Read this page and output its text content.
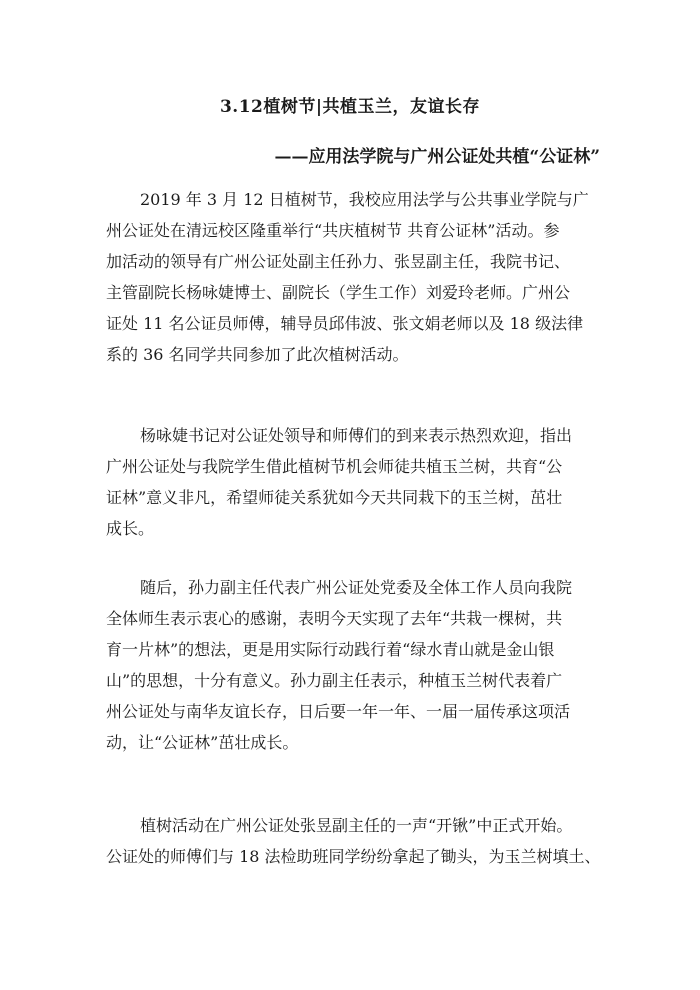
3.12植树节|共植玉兰，友谊长存
——应用法学院与广州公证处共植“公证林”

2019 年 3 月 12 日植树节，我校应用法学与公共事业学院与广
州公证处在清远校区隆重举行“共庆植树节 共育公证林”活动。参
加活动的领导有广州公证处副主任孙力、张昱副主任，我院书记、
主管副院长杨咏婕博士、副院长（学生工作）刘爱玲老师。广州公
证处 11 名公证员师傅，辅导员邱伟波、张文娟老师以及 18 级法律
系的 36 名同学共同参加了此次植树活动。

杨咏婕书记对公证处领导和师傅们的到来表示热烈欢迎，指出
广州公证处与我院学生借此植树节机会师徒共植玉兰树，共育“公
证林”意义非凡，希望师徒关系犹如今天共同栽下的玉兰树，茁壮
成长。

随后，孙力副主任代表广州公证处党委及全体工作人员向我院
全体师生表示衷心的感谢，表明今天实现了去年“共栽一棵树，共
育一片林”的想法，更是用实际行动践行着“绿水青山就是金山银
山”的思想，十分有意义。孙力副主任表示，种植玉兰树代表着广
州公证处与南华友谊长存，日后要一年一年、一届一届传承这项活
动，让“公证林”茁壮成长。

植树活动在广州公证处张昱副主任的一声“开锹”中正式开始。
公证处的师傅们与 18 法检助班同学纷纷拿起了锄头，为玉兰树填土、
